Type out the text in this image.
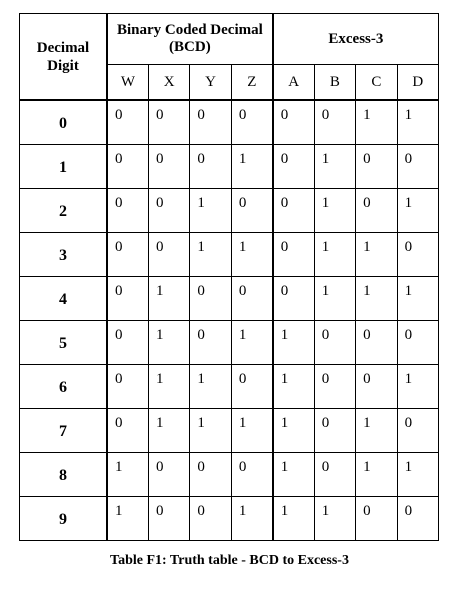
Decimal Digit	Binary Coded Decimal (BCD)				Excess-3			
	W	X	Y	Z	A	B	C	D
0	0	0	0	0	0	0	1	1
1	0	0	0	1	0	1	0	0
2	0	0	1	0	0	1	0	1
3	0	0	1	1	0	1	1	0
4	0	1	0	0	0	1	1	1
5	0	1	0	1	1	0	0	0
6	0	1	1	0	1	0	0	1
7	0	1	1	1	1	0	1	0
8	1	0	0	0	1	0	1	1
9	1	0	0	1	1	1	0	0
Table F1: Truth table - BCD to Excess-3
